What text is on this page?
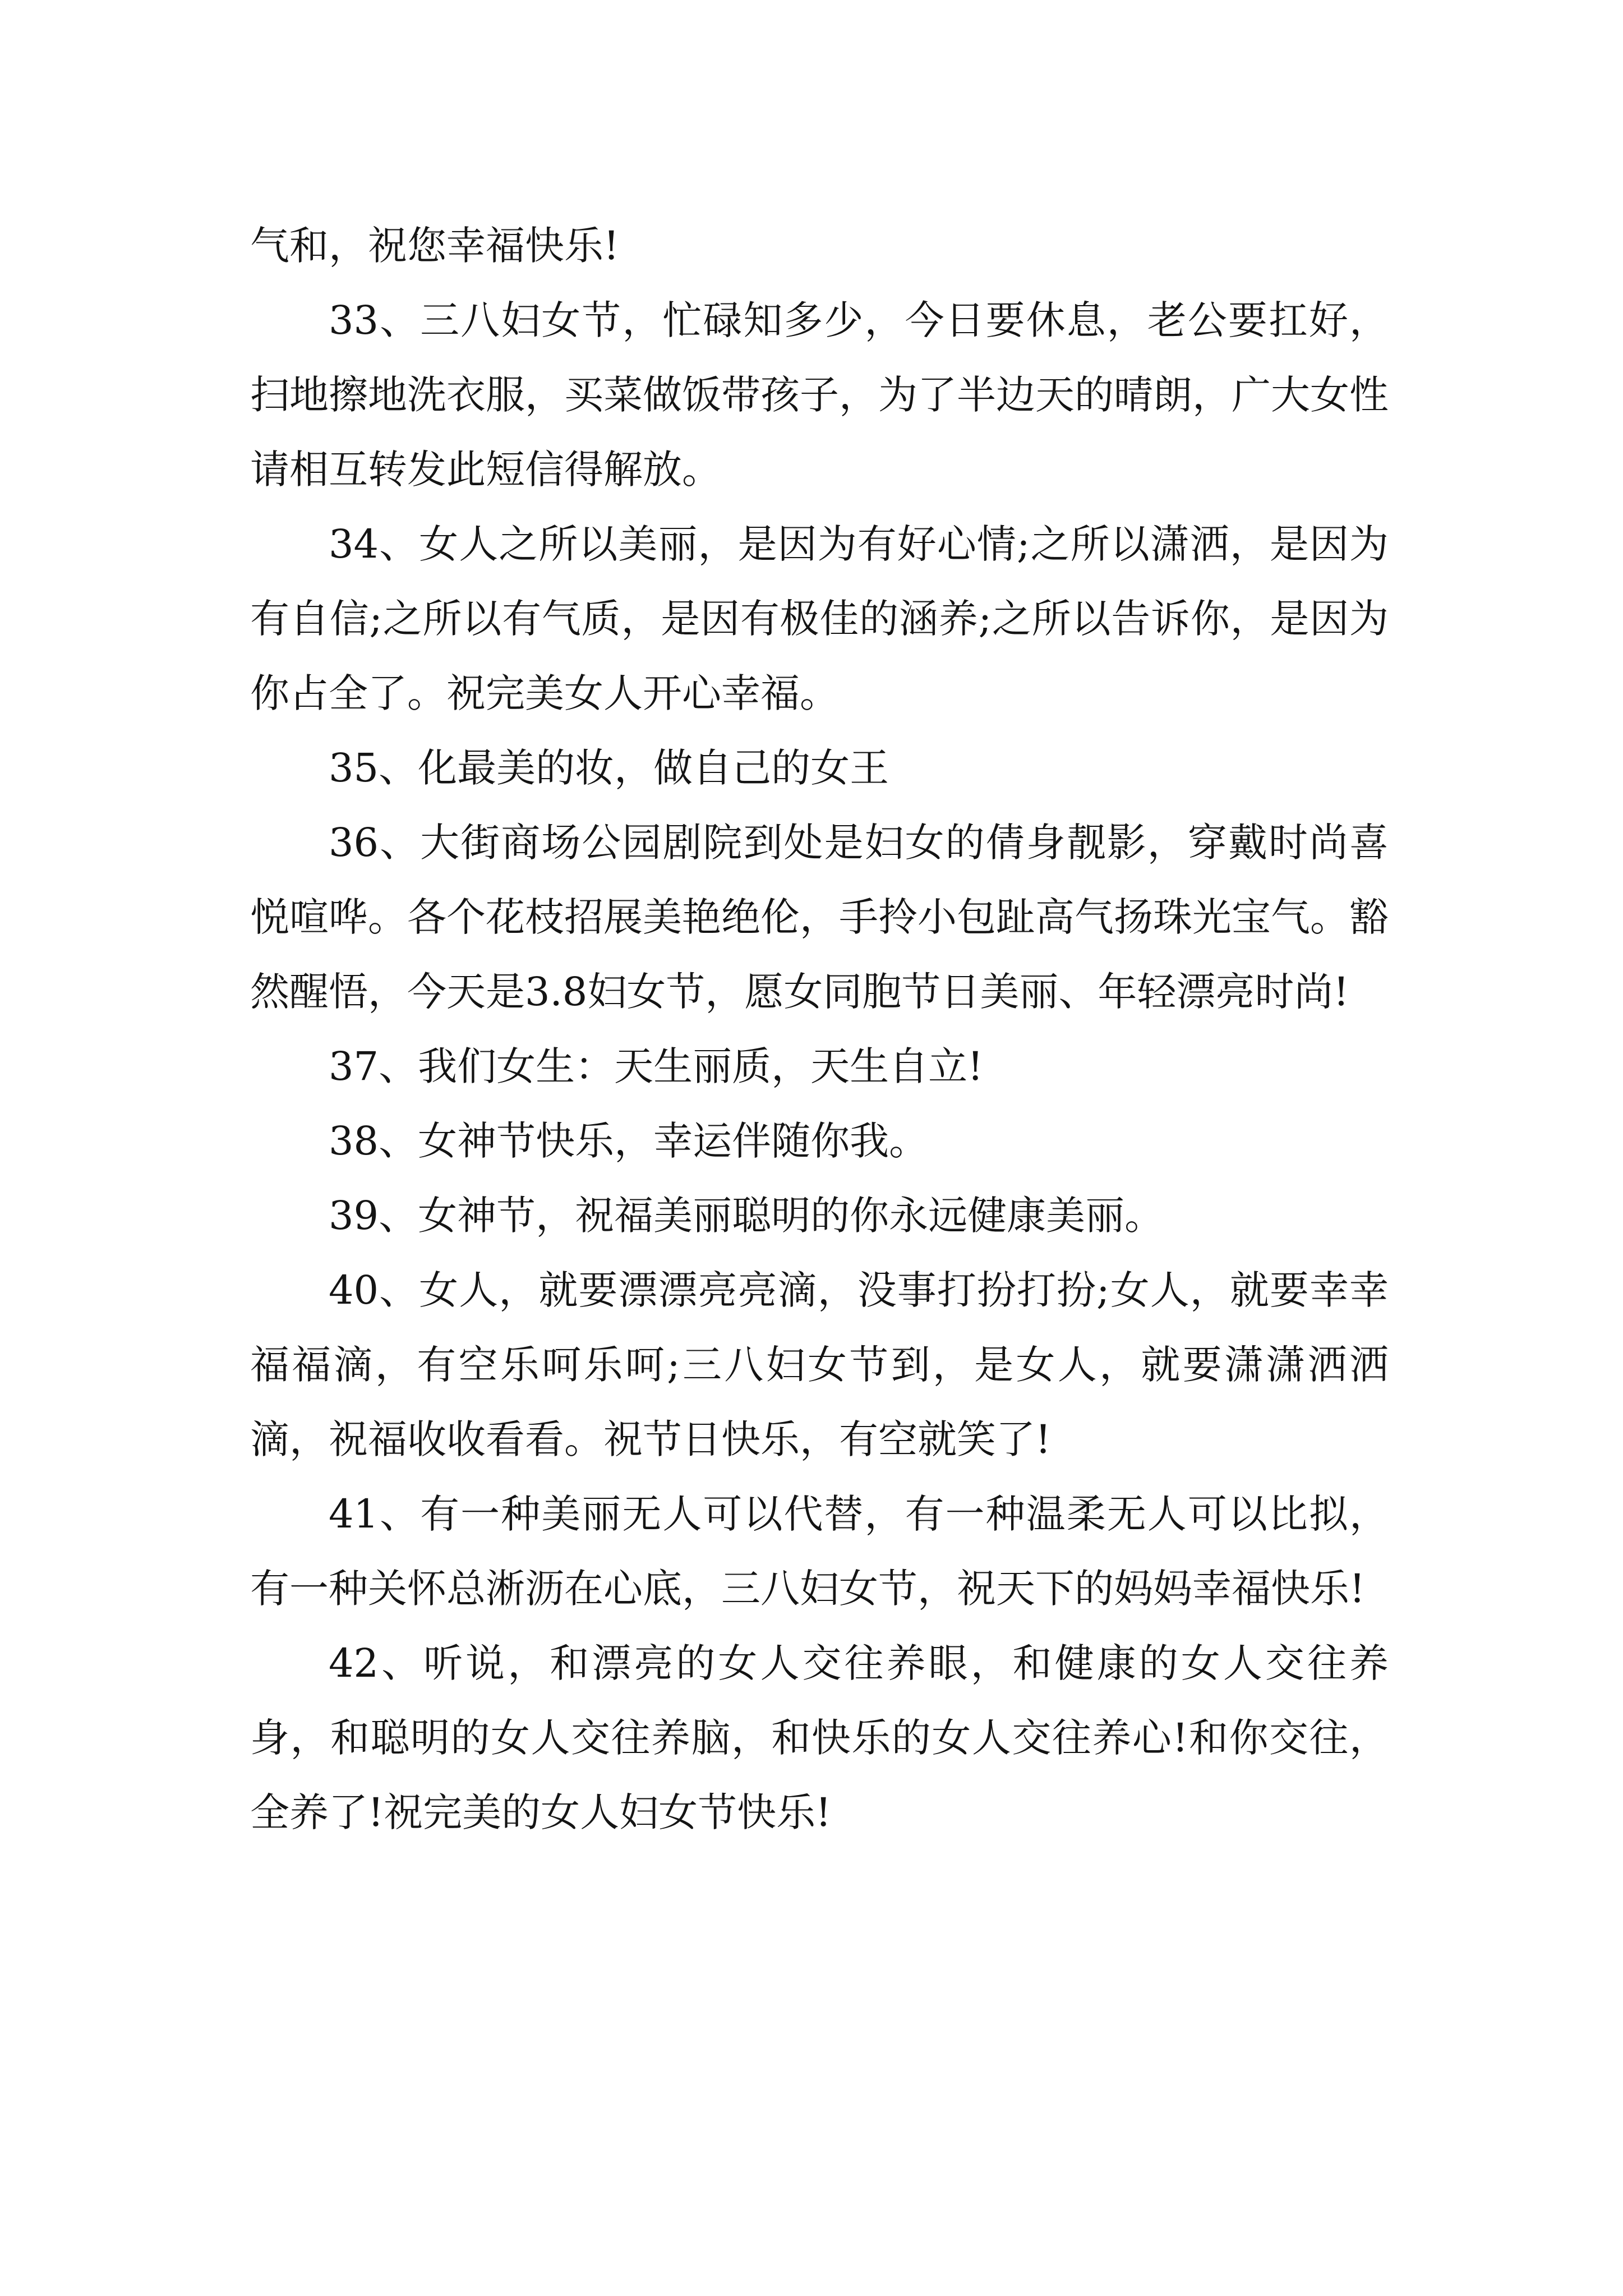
气和，祝您幸福快乐!

33、三八妇女节，忙碌知多少，今日要休息，老公要扛好，扫地擦地洗衣服，买菜做饭带孩子，为了半边天的晴朗，广大女性请相互转发此短信得解放。

34、女人之所以美丽，是因为有好心情;之所以潇洒，是因为有自信;之所以有气质，是因有极佳的涵养;之所以告诉你，是因为你占全了。祝完美女人开心幸福。

35、化最美的妆，做自己的女王

36、大街商场公园剧院到处是妇女的倩身靓影，穿戴时尚喜悦喧哗。各个花枝招展美艳绝伦，手拎小包趾高气扬珠光宝气。豁然醒悟，今天是3.8妇女节，愿女同胞节日美丽、年轻漂亮时尚!

37、我们女生：天生丽质，天生自立!

38、女神节快乐，幸运伴随你我。

39、女神节，祝福美丽聪明的你永远健康美丽。

40、女人，就要漂漂亮亮滴，没事打扮打扮;女人，就要幸幸福福滴，有空乐呵乐呵;三八妇女节到，是女人，就要潇潇洒洒滴，祝福收收看看。祝节日快乐，有空就笑了!

41、有一种美丽无人可以代替，有一种温柔无人可以比拟，有一种关怀总淅沥在心底，三八妇女节，祝天下的妈妈幸福快乐!

42、听说，和漂亮的女人交往养眼，和健康的女人交往养身，和聪明的女人交往养脑，和快乐的女人交往养心!和你交往，全养了!祝完美的女人妇女节快乐!
